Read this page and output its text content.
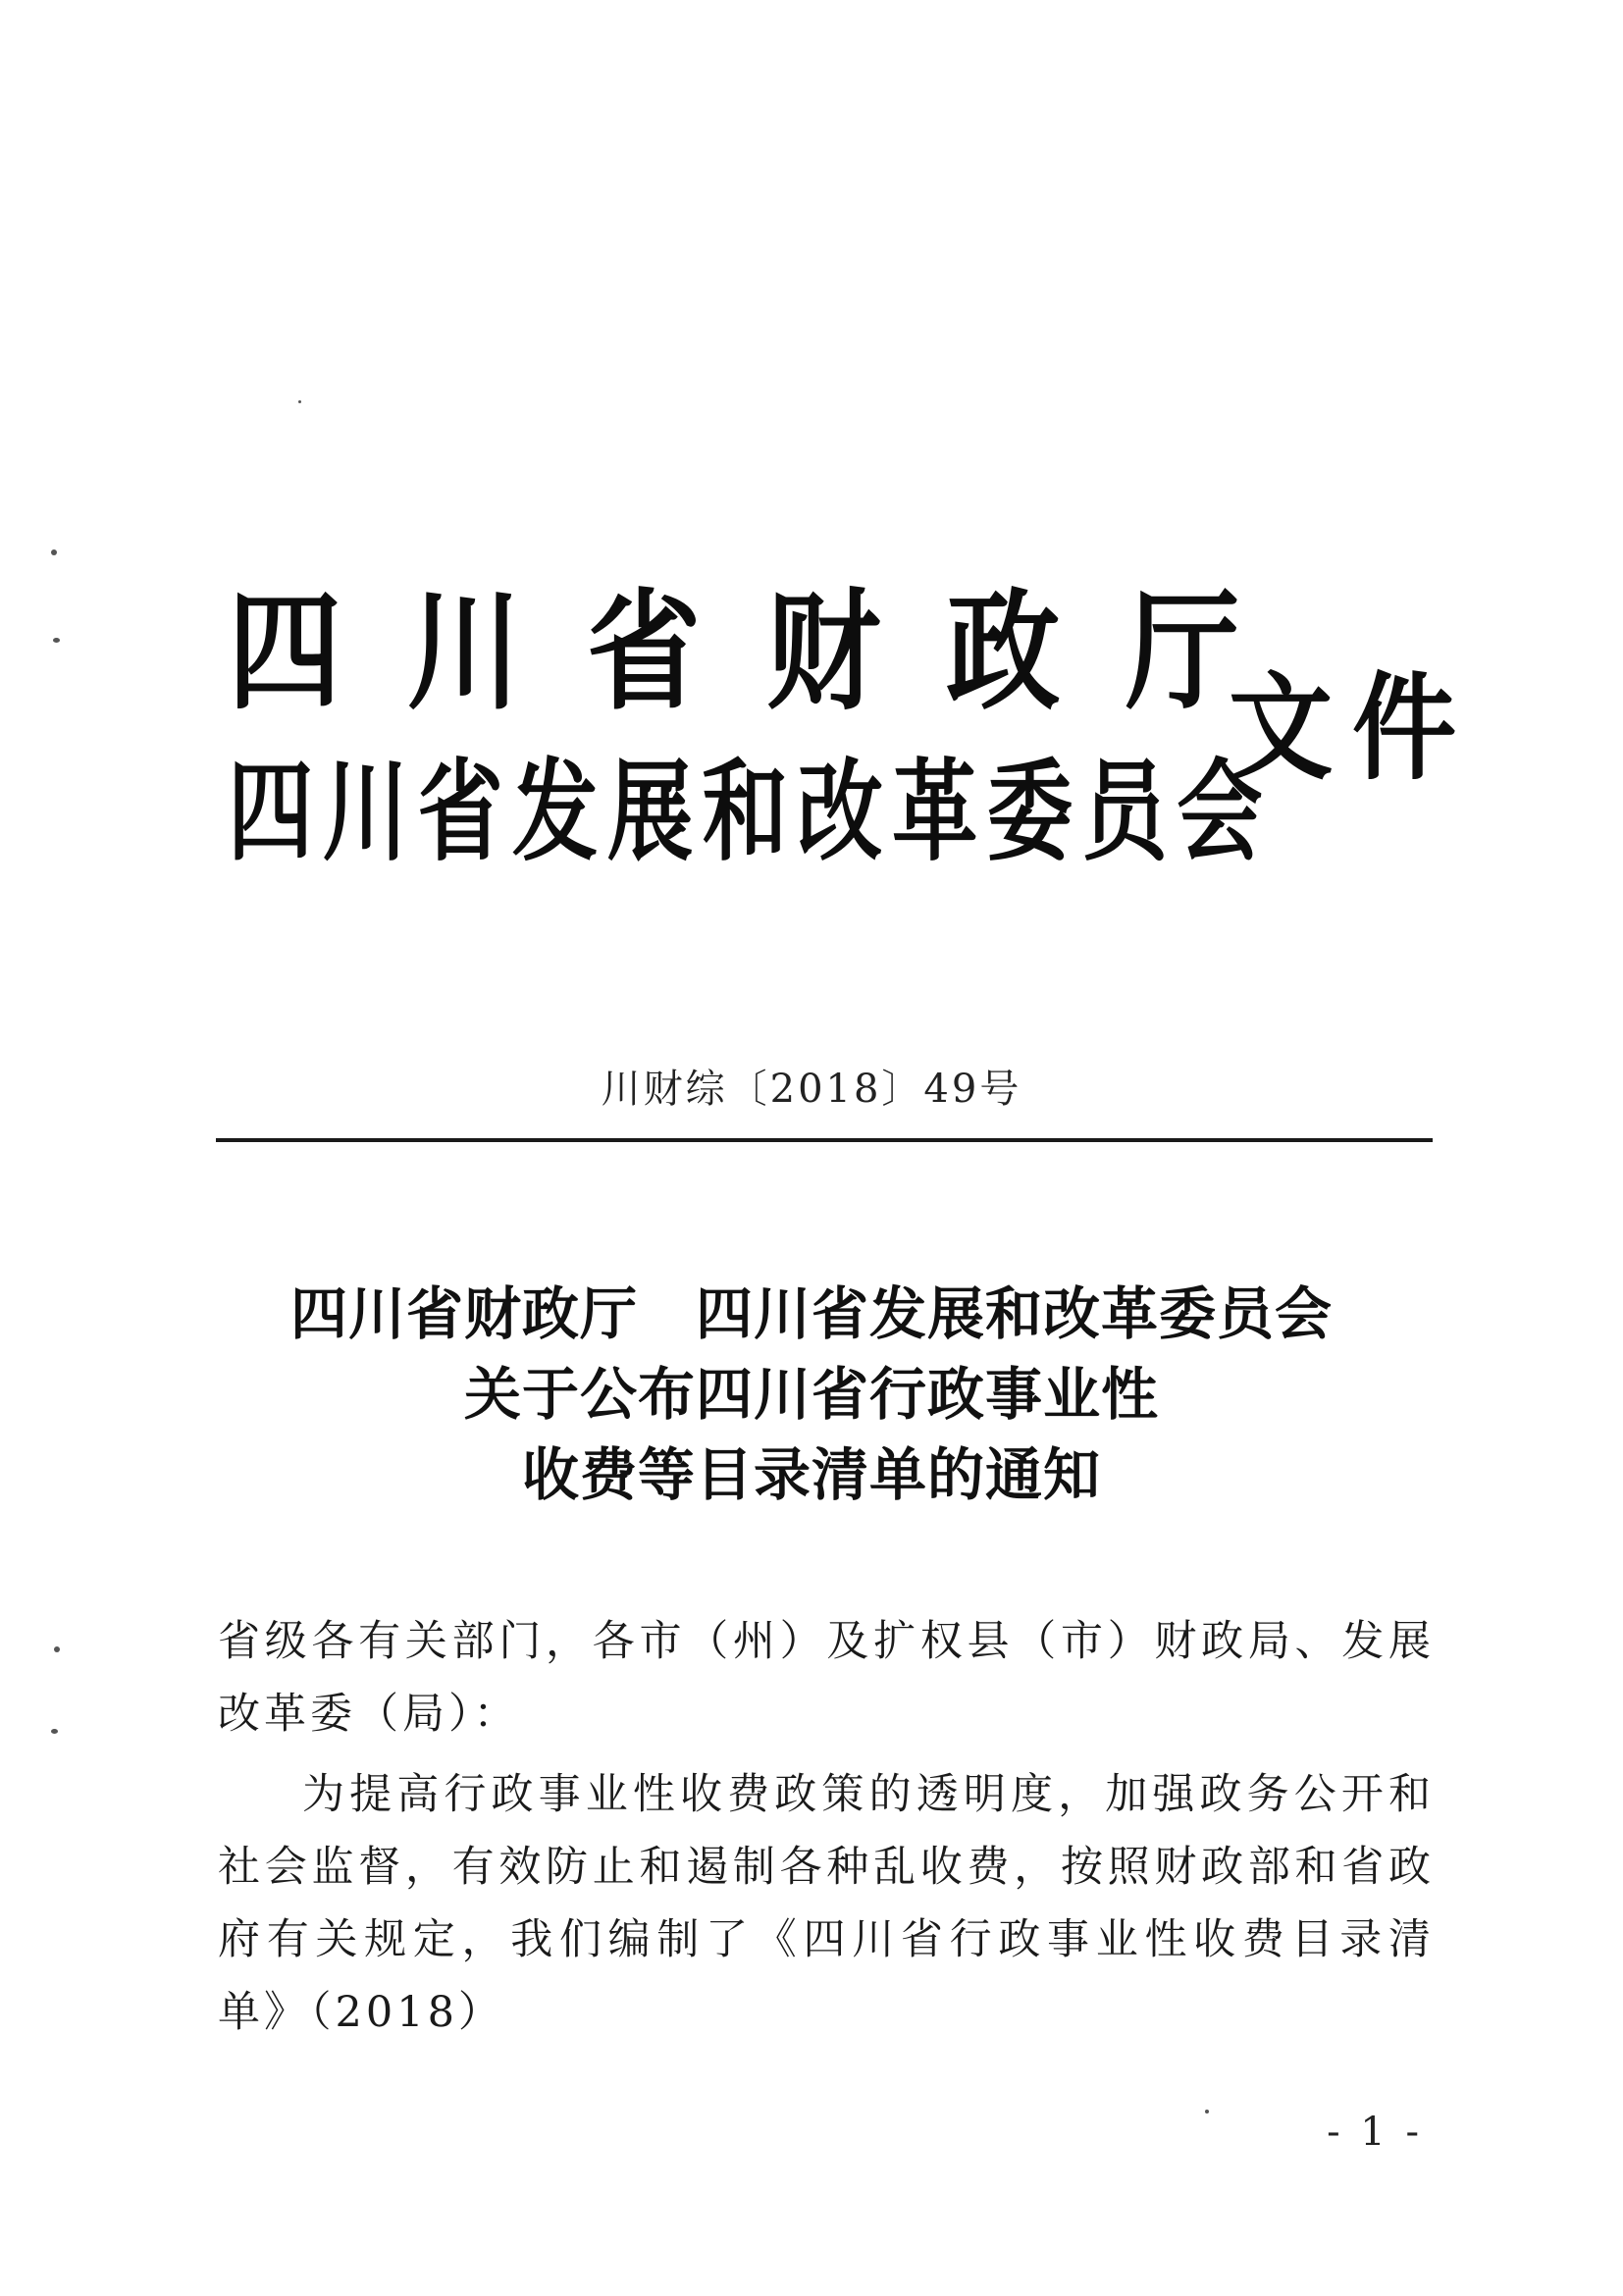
四川省财政厅
四川省发展和改革委员会
文件
川财综〔2018〕49号
四川省财政厅　四川省发展和改革委员会
关于公布四川省行政事业性
收费等目录清单的通知

省级各有关部门，各市（州）及扩权县（市）财政局、发展改革委（局）：

为提高行政事业性收费政策的透明度，加强政务公开和社会监督，有效防止和遏制各种乱收费，按照财政部和省政府有关规定，我们编制了《四川省行政事业性收费目录清单》（2018）

- 1 -
